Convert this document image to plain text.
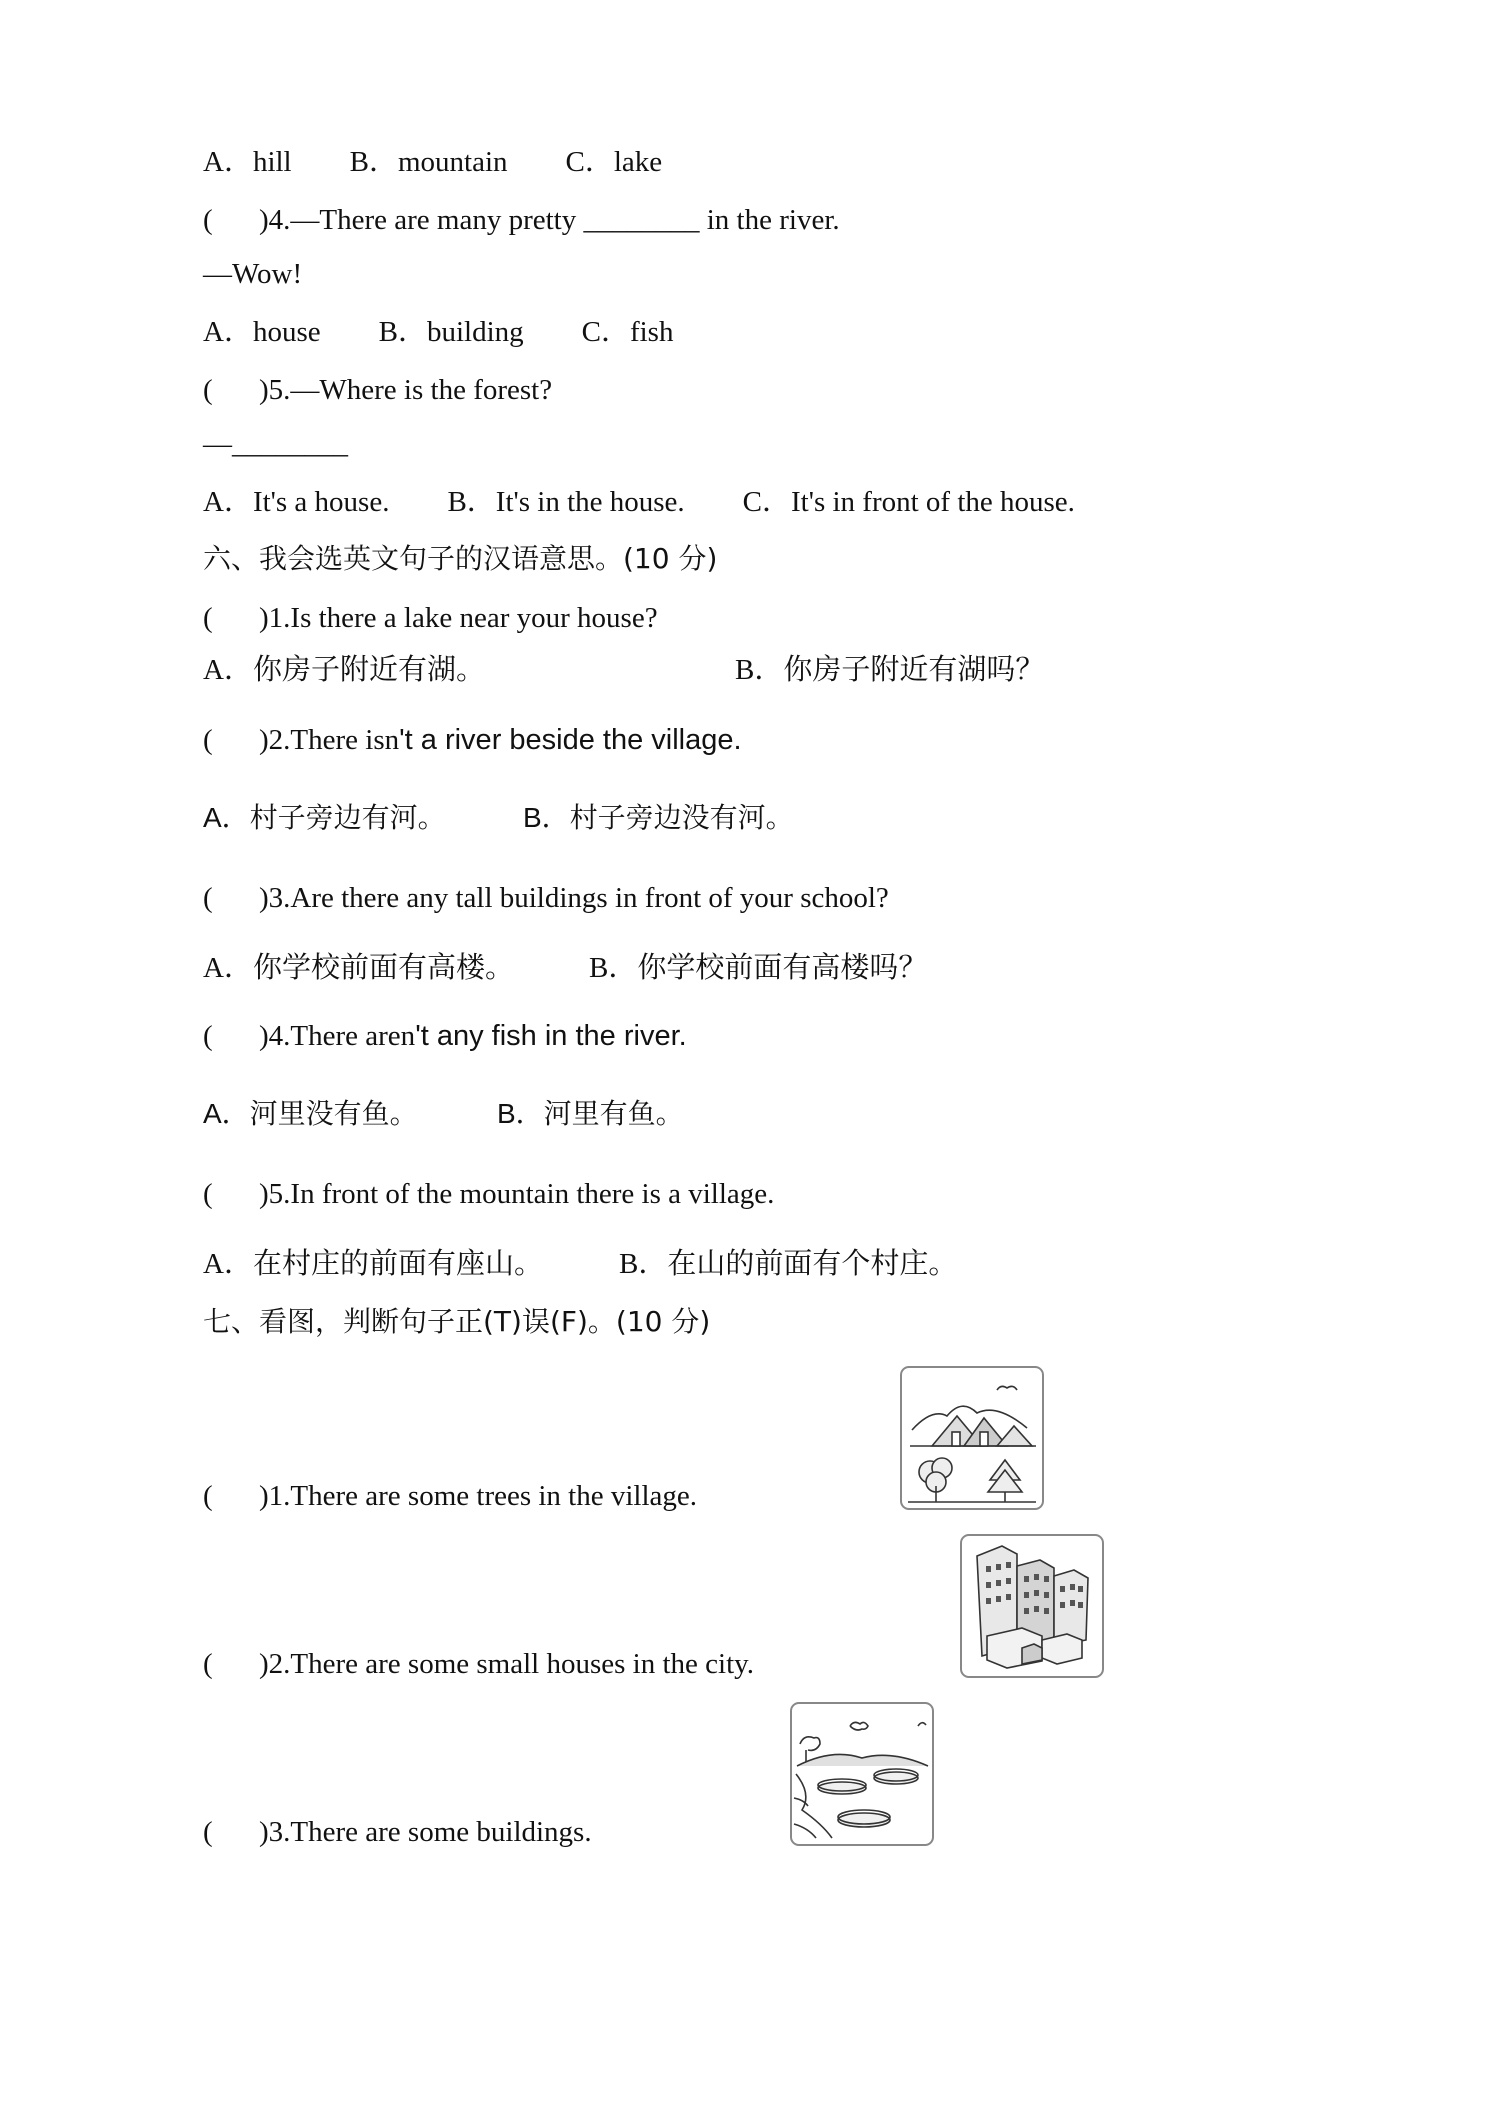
A．hill B．mountain C．lake
( )4.—There are many pretty ________ in the river.
—Wow!
A．house B．building C．fish
( )5.—Where is the forest?
—________
A．It's a house. B．It's in the house. C．It's in front of the house.
六、我会选英文句子的汉语意思。(10 分)
( )1.Is there a lake near your house?
A．你房子附近有湖。	B．你房子附近有湖吗？
( )2.There isn't a river beside the village.
A．村子旁边有河。	B．村子旁边没有河。
( )3.Are there any tall buildings in front of your school?
A．你学校前面有高楼。	B．你学校前面有高楼吗？
( )4.There aren't any fish in the river.
A．河里没有鱼。	B．河里有鱼。
( )5.In front of the mountain there is a village.
A．在村庄的前面有座山。	B．在山的前面有个村庄。
七、看图，判断句子正(T)误(F)。(10 分)
( )1.There are some trees in the village.
( )2.There are some small houses in the city.
( )3.There are some buildings.
